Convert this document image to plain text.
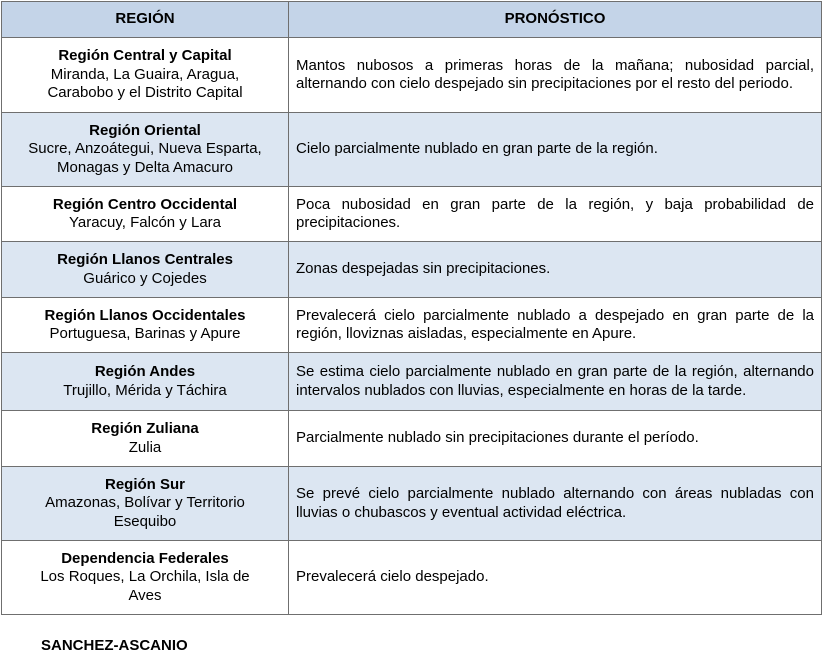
REGIÓN	PRONÓSTICO

Región Central y Capital
Miranda, La Guaira, Aragua, Carabobo y el Distrito Capital	Mantos nubosos a primeras horas de la mañana; nubosidad parcial, alternando con cielo despejado sin precipitaciones por el resto del periodo.

Región Oriental
Sucre, Anzoátegui, Nueva Esparta, Monagas y Delta Amacuro	Cielo parcialmente nublado en gran parte de la región.

Región Centro Occidental
Yaracuy, Falcón y Lara	Poca nubosidad en gran parte de la región, y baja probabilidad de precipitaciones.

Región Llanos Centrales
Guárico y Cojedes	Zonas despejadas sin precipitaciones.

Región Llanos Occidentales
Portuguesa, Barinas y Apure	Prevalecerá cielo parcialmente nublado a despejado en gran parte de la región, lloviznas aisladas, especialmente en Apure.

Región Andes
Trujillo, Mérida y Táchira	Se estima cielo parcialmente nublado en gran parte de la región, alternando intervalos nublados con lluvias, especialmente en horas de la tarde.

Región Zuliana
Zulia	Parcialmente nublado sin precipitaciones durante el período.

Región Sur
Amazonas, Bolívar y Territorio Esequibo	Se prevé cielo parcialmente nublado alternando con áreas nubladas con lluvias o chubascos y eventual actividad eléctrica.

Dependencia Federales
Los Roques, La Orchila, Isla de Aves	Prevalecerá cielo despejado.
SANCHEZ-ASCANIO
